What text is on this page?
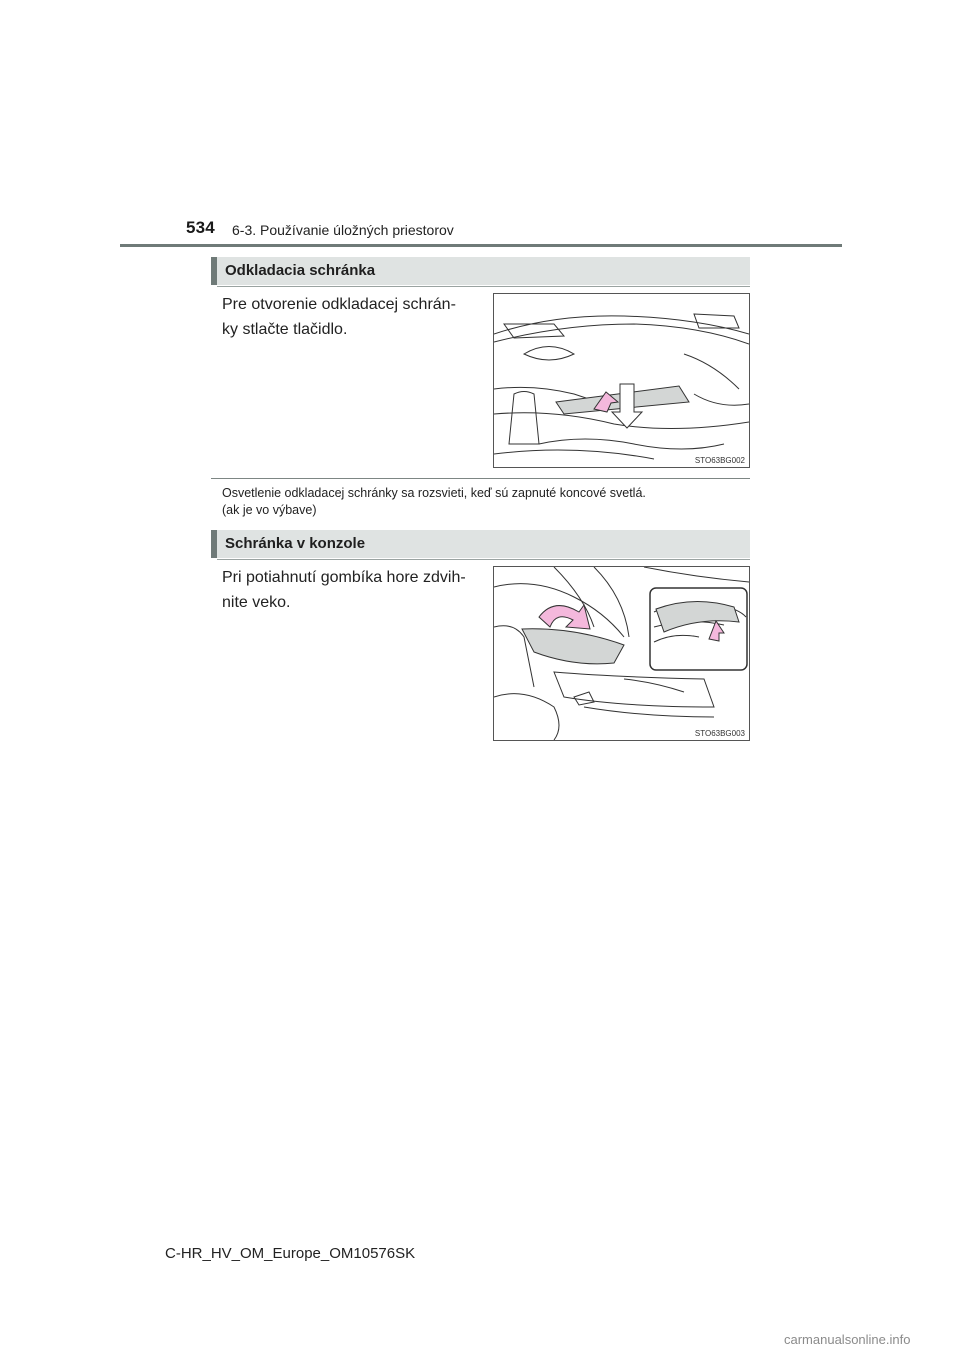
534 6-3. Používanie úložných priestorov
Odkladacia schránka
Pre otvorenie odkladacej schrán-
ky stlačte tlačidlo.
STO63BG002
Osvetlenie odkladacej schránky sa rozsvieti, keď sú zapnuté koncové svetlá.
(ak je vo výbave)
Schránka v konzole
Pri potiahnutí gombíka hore zdvih-
nite veko.
STO63BG003
C-HR_HV_OM_Europe_OM10576SK
carmanualsonline.info
